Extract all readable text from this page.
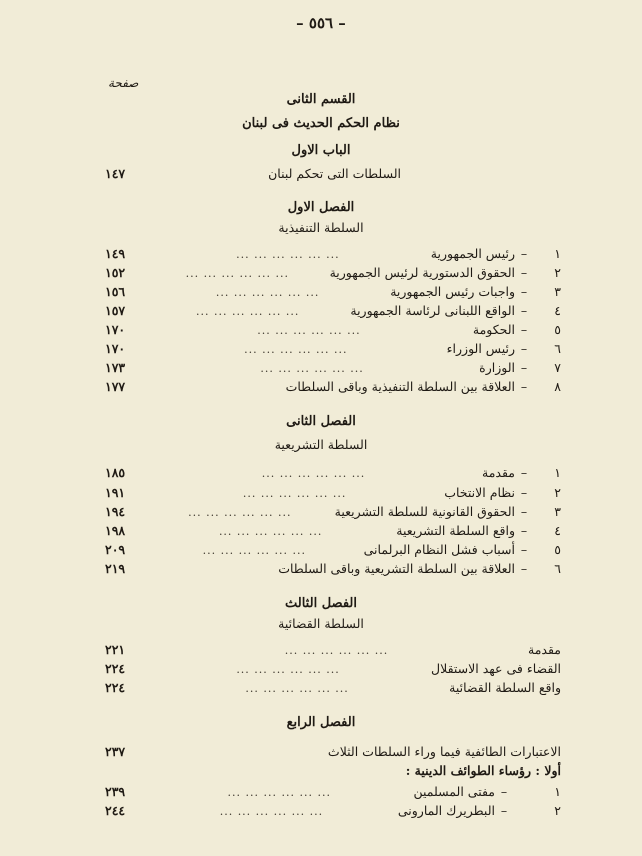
– ٥٥٦ –
صفحة
القسم الثانى
نظام الحكم الحديث فى لبنان
الباب الاول
السلطات التى تحكم لبنان
١٤٧
الفصل الاول
السلطة التنفيذية
١
–
رئيس الجمهورية
... ... ... ... ... ...
١٤٩
٢
–
الحقوق الدستورية لرئيس الجمهورية
... ... ... ... ... ...
١٥٢
٣
–
واجبات رئيس الجمهورية
... ... ... ... ... ...
١٥٦
٤
–
الواقع اللبنانى لرئاسة الجمهورية
... ... ... ... ... ...
١٥٧
٥
–
الحكومة
... ... ... ... ... ...
١٧٠
٦
–
رئيس الوزراء
... ... ... ... ... ...
١٧٠
٧
–
الوزارة
... ... ... ... ... ...
١٧٣
٨
–
العلاقة بين السلطة التنفيذية وباقى السلطات
١٧٧
الفصل الثانى
السلطة التشريعية
١
–
مقدمة
... ... ... ... ... ...
١٨٥
٢
–
نظام الانتخاب
... ... ... ... ... ...
١٩١
٣
–
الحقوق القانونية للسلطة التشريعية
... ... ... ... ... ...
١٩٤
٤
–
واقع السلطة التشريعية
... ... ... ... ... ...
١٩٨
٥
–
أسباب فشل النظام البرلمانى
... ... ... ... ... ...
٢٠٩
٦
–
العلاقة بين السلطة التشريعية وباقى السلطات
٢١٩
الفصل الثالث
السلطة القضائية
مقدمة
... ... ... ... ... ...
٢٢١
القضاء فى عهد الاستقلال
... ... ... ... ... ...
٢٢٤
واقع السلطة القضائية
... ... ... ... ... ...
٢٢٤
الفصل الرابع
الاعتبارات الطائفية فيما وراء السلطات الثلاث
٢٣٧
أولا : رؤساء الطوائف الدينية :
١
–
مفتى المسلمين
... ... ... ... ... ...
٢٣٩
٢
–
البطريرك المارونى
... ... ... ... ... ...
٢٤٤
